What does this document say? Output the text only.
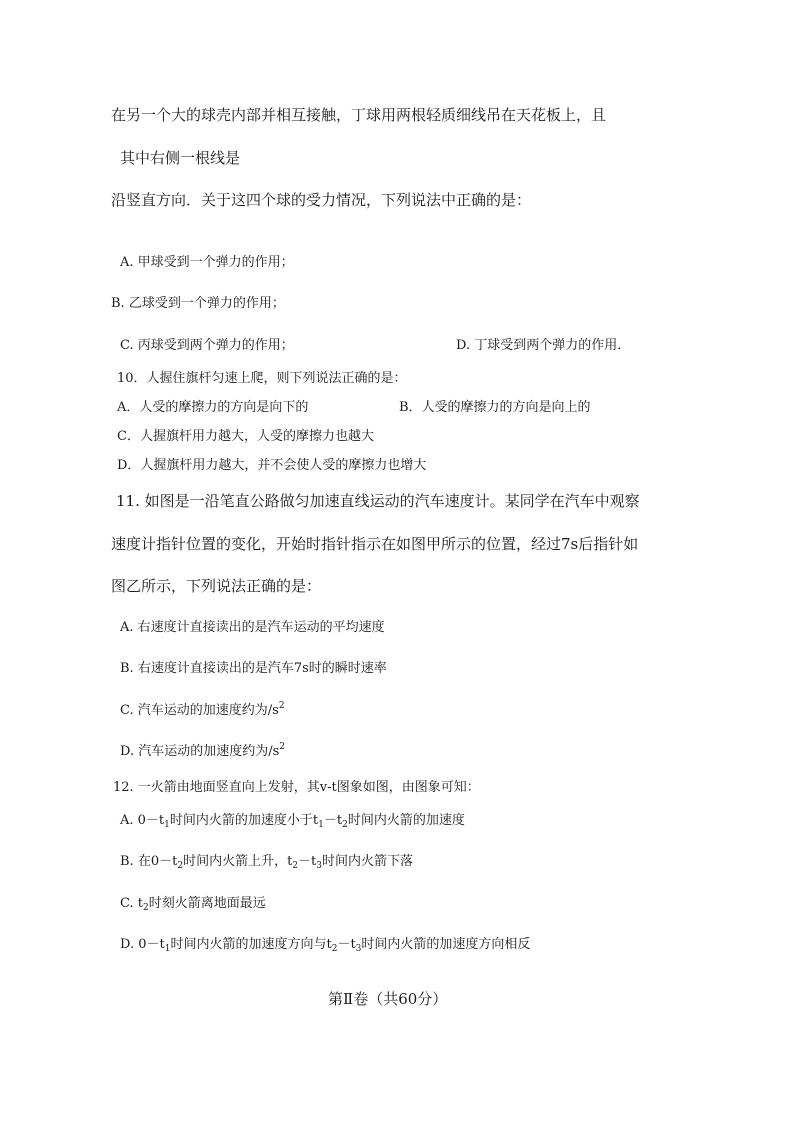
在另一个大的球壳内部并相互接触，丁球用两根轻质细线吊在天花板上，且
其中右侧一根线是
沿竖直方向．关于这四个球的受力情况，下列说法中正确的是：
A. 甲球受到一个弹力的作用；
B. 乙球受到一个弹力的作用；
C. 丙球受到两个弹力的作用；	D. 丁球受到两个弹力的作用．
10．人握住旗杆匀速上爬，则下列说法正确的是：
A．人受的摩擦力的方向是向下的	B．人受的摩擦力的方向是向上的
C．人握旗杆用力越大，人受的摩擦力也越大
D．人握旗杆用力越大，并不会使人受的摩擦力也增大
11. 如图是一沿笔直公路做匀加速直线运动的汽车速度计。某同学在汽车中观察
速度计指针位置的变化，开始时指针指示在如图甲所示的位置，经过7s后指针如
图乙所示，下列说法正确的是：
A. 右速度计直接读出的是汽车运动的平均速度
B. 右速度计直接读出的是汽车7s时的瞬时速率
C. 汽车运动的加速度约为$/s^2$
D. 汽车运动的加速度约为$/s^2$
12. 一火箭由地面竖直向上发射，其v-t图象如图，由图象可知：
A. $0-t_1$时间内火箭的加速度小于$t_1-t_2$时间内火箭的加速度
B. 在$0-t_2$时间内火箭上升，$t_2-t_3$时间内火箭下落
C. $t_2$时刻火箭离地面最远
D. $0-t_1$时间内火箭的加速度方向与$t_2-t_3$时间内火箭的加速度方向相反
第Ⅱ卷（共60分）
